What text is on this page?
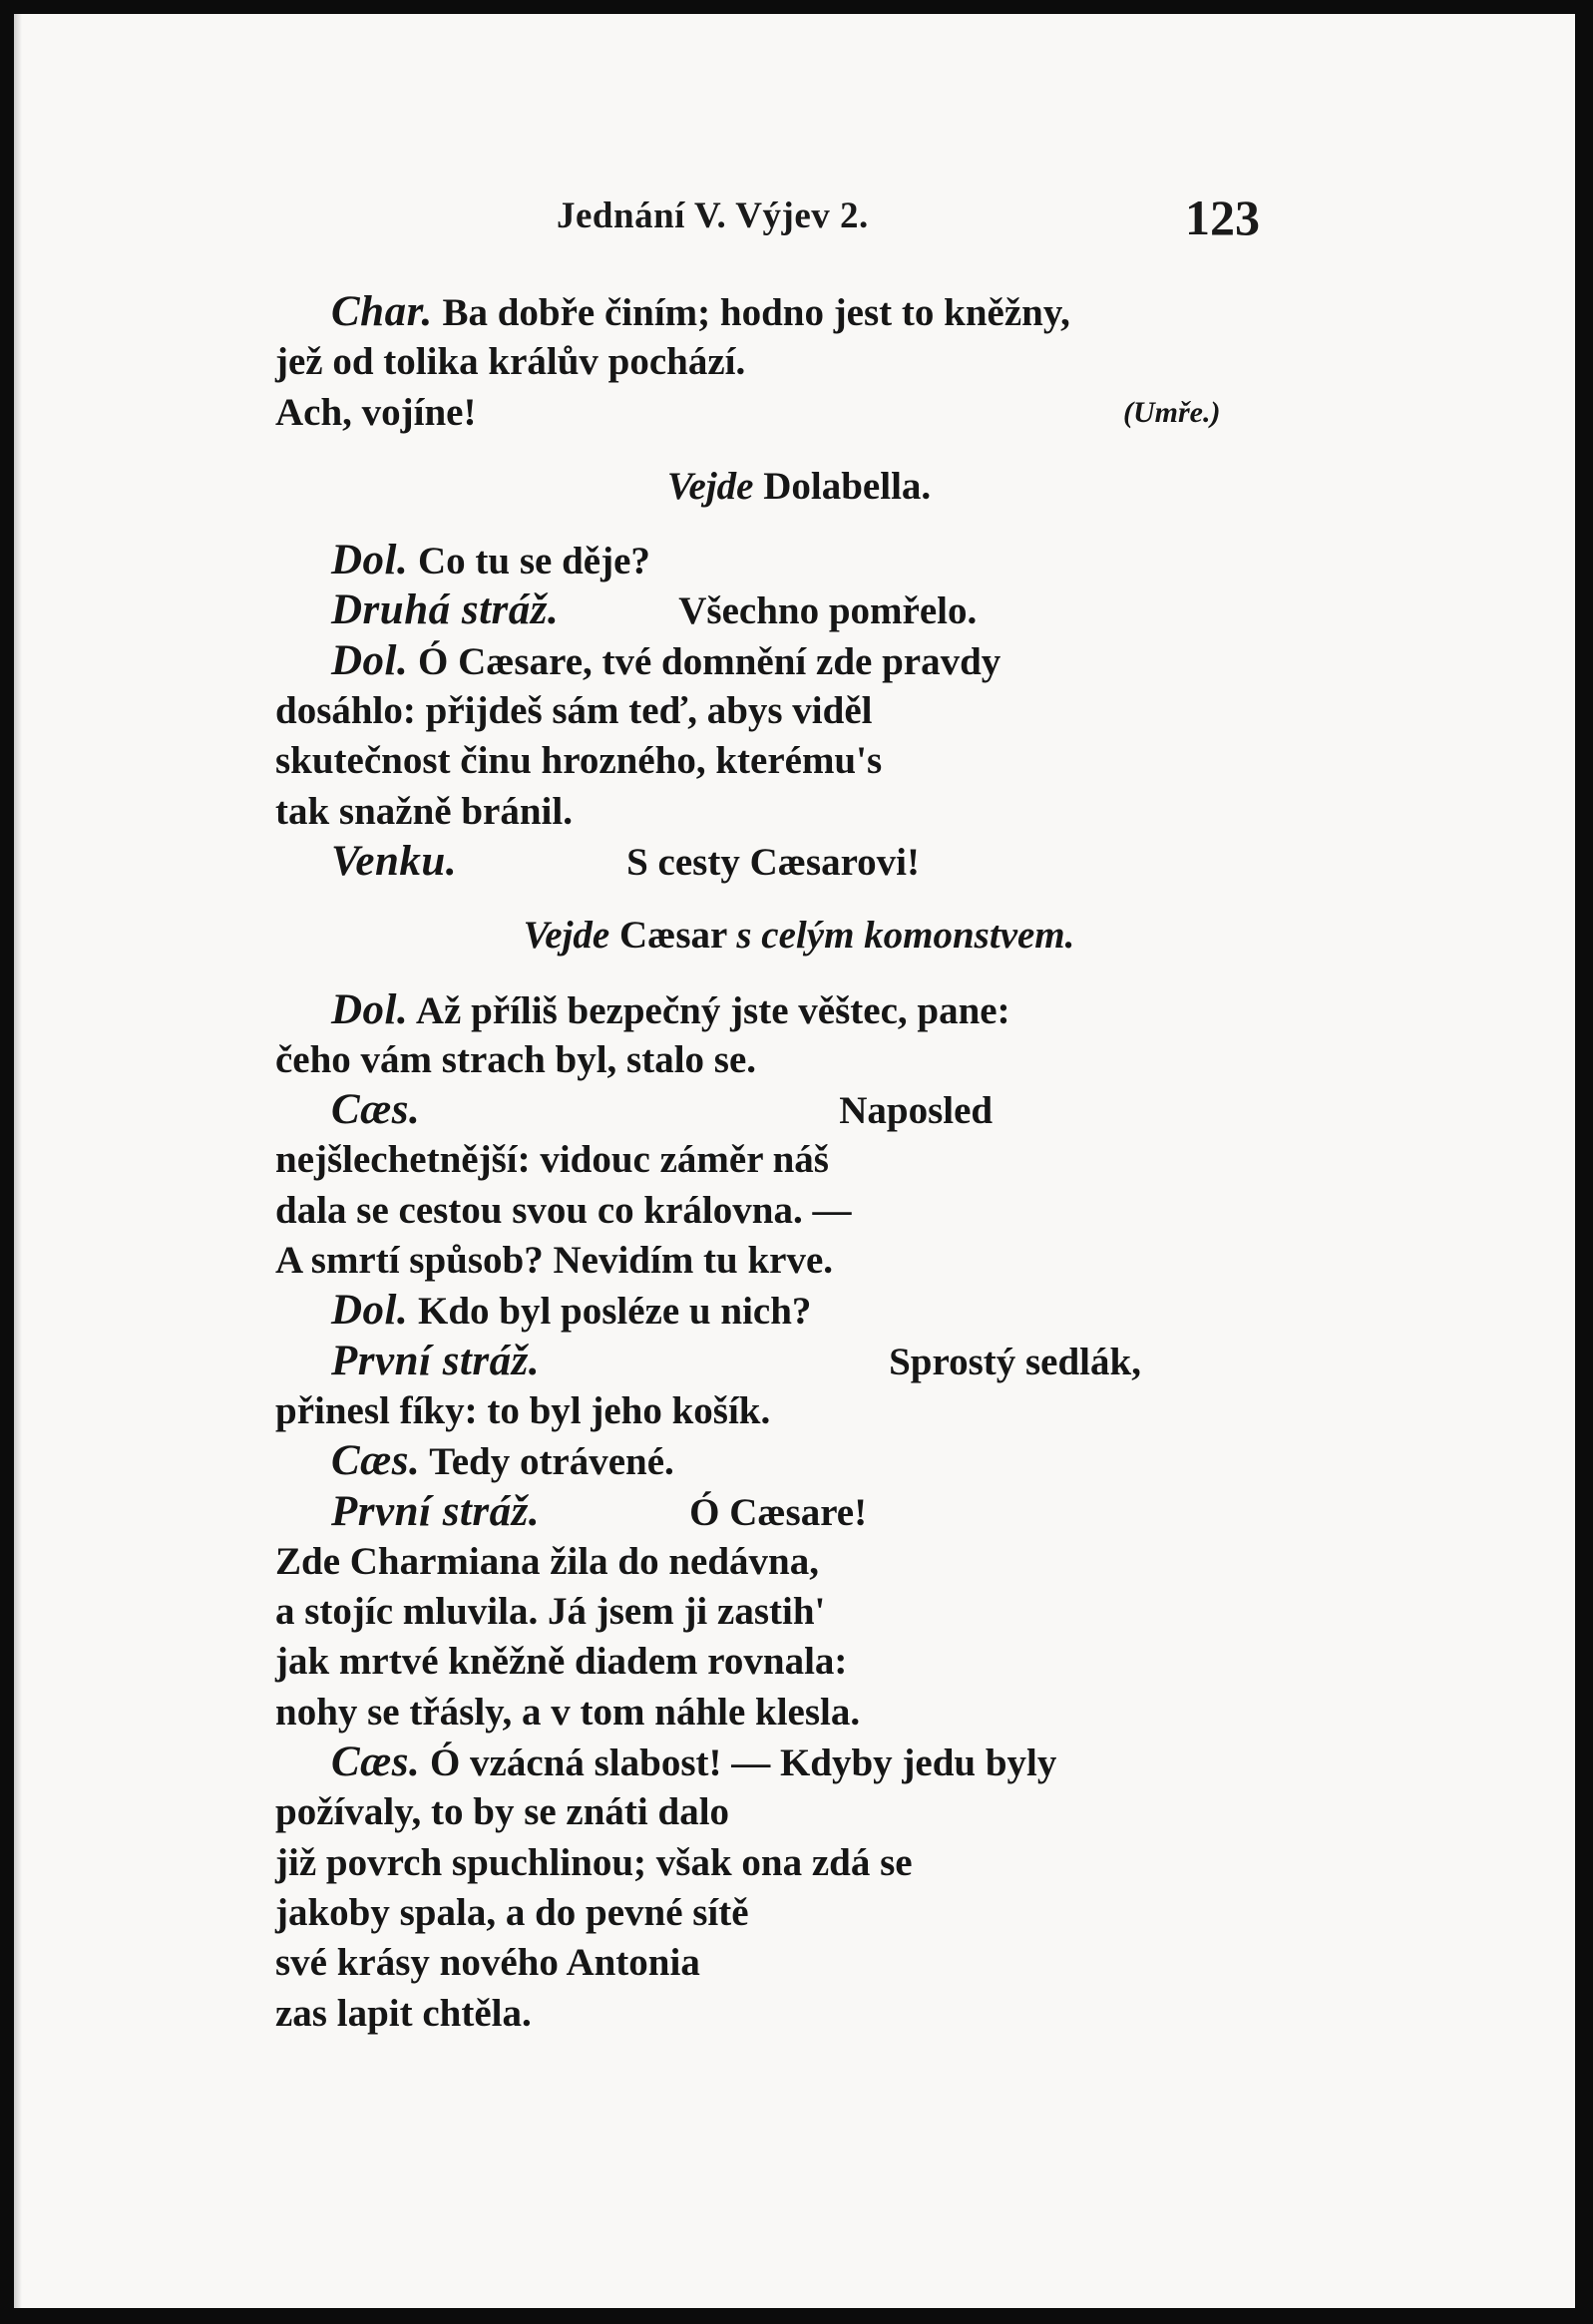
Jednání V. Výjev 2.	123
Char. Ba dobře činím; hodno jest to kněžny,
jež od tolika králův pochází.
Ach, vojíne!	(Umře.)
Vejde Dolabella.
Dol. Co tu se děje?
Druhá stráž.	Všechno pomřelo.
Dol. Ó Cæsare, tvé domnění zde pravdy
dosáhlo: přijdeš sám teď, abys viděl
skutečnost činu hrozného, kterému's
tak snažně bránil.
Venku.	S cesty Cæsarovi!
Vejde Cæsar s celým komonstvem.
Dol. Až příliš bezpečný jste věštec, pane:
čeho vám strach byl, stalo se.
Cæs.	Naposled
nejšlechetnější: vidouc záměr náš
dala se cestou svou co královna. —
A smrtí spůsob? Nevidím tu krve.
Dol. Kdo byl posléze u nich?
První stráž.	Sprostý sedlák,
přinesl fíky: to byl jeho košík.
Cæs. Tedy otrávené.
První stráž.	Ó Cæsare!
Zde Charmiana žila do nedávna,
a stojíc mluvila. Já jsem ji zastih'
jak mrtvé kněžně diadem rovnala:
nohy se třásly, a v tom náhle klesla.
Cæs. Ó vzácná slabost! — Kdyby jedu byly
požívaly, to by se znáti dalo
již povrch spuchlinou; však ona zdá se
jakoby spala, a do pevné sítě
své krásy nového Antonia
zas lapit chtěla.
